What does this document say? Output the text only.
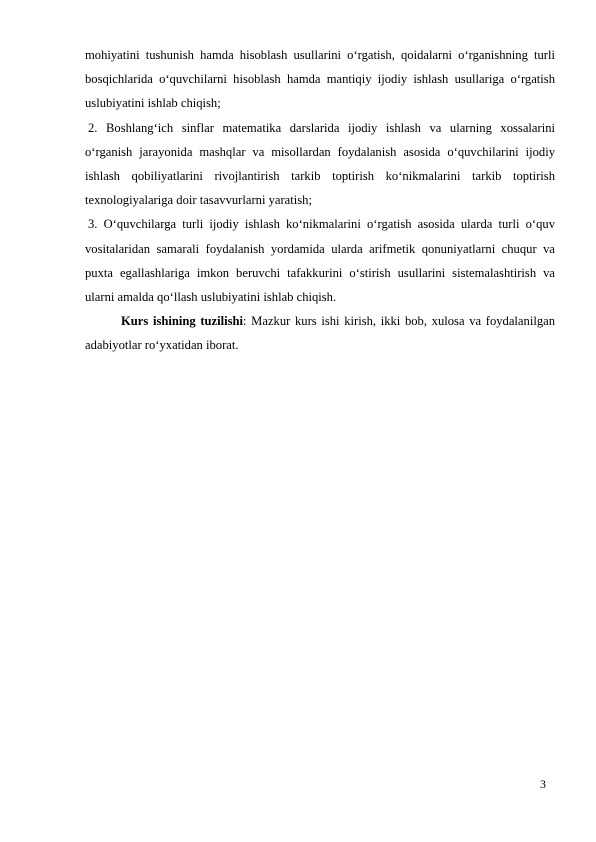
mohiyatini tushunish hamda hisoblash usullarini o‘rgatish, qoidalarni o‘rganishning turli bosqichlarida o‘quvchilarni hisoblash hamda mantiqiy ijodiy ishlash usullariga o‘rgatish uslubiyatini ishlab chiqish;

2. Boshlang‘ich sinflar matematika darslarida ijodiy ishlash va ularning xossalarini o‘rganish jarayonida mashqlar va misollardan foydalanish asosida o‘quvchilarini ijodiy ishlash qobiliyatlarini rivojlantirish tarkib toptirish ko‘nikmalarini tarkib toptirish texnologiyalariga doir tasavvurlarni yaratish;

3. O‘quvchilarga turli ijodiy ishlash ko‘nikmalarini o‘rgatish asosida ularda turli o‘quv vositalaridan samarali foydalanish yordamida ularda arifmetik qonuniyatlarni chuqur va puxta egallashlariga imkon beruvchi tafakkurini o‘stirish usullarini sistemalashtirish va ularni amalda qo‘llash uslubiyatini ishlab chiqish.

Kurs ishining tuzilishi: Mazkur kurs ishi kirish, ikki bob, xulosa va foydalanilgan adabiyotlar ro‘yxatidan iborat.

3
